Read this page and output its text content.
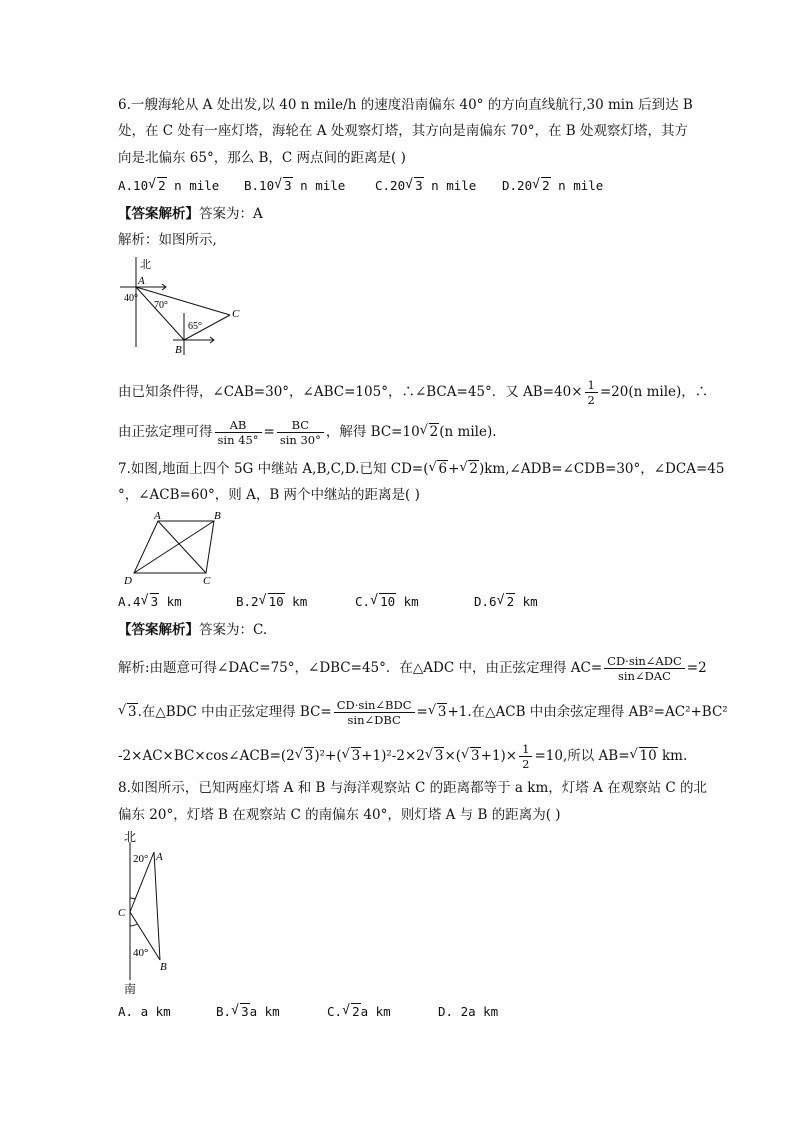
6.一艘海轮从 A 处出发,以 40 n mile/h 的速度沿南偏东 40° 的方向直线航行,30 min 后到达 B
处，在 C 处有一座灯塔，海轮在 A 处观察灯塔，其方向是南偏东 70°，在 B 处观察灯塔，其方
向是北偏东 65°，那么 B，C 两点间的距离是( )
A.10 √ 2 n mile B.10 √ 3 n mile C.20 √ 3 n mile D.20 √ 2 n mile
【答案解析】答案为：A
解析：如图所示,
北
A
40°
70°
65°
B
C
由已知条件得，∠CAB=30°，∠ABC=105°，∴∠BCA=45°．又 $AB=40\times \frac{1}{2} =20(n$ mile)，∴
由正弦定理可得 $\frac{AB}{\sin 45^\circ} = \frac{BC}{\sin 30^\circ}$ ，解得 BC=10 √ 2(n mile).
7.如图,地面上四个 5G 中继站 A,B,C,D.已知 CD=( √ 6+ √ 2)km,∠ADB=∠CDB=30°，∠DCA=45
°，∠ACB=60°，则 A，B 两个中继站的距离是( )
A	B
C
D
A.4 √ 3 km	B.2 √ 10 km	C. √ 10 km	D.6 √ 2 km
【答案解析】答案为：C.
解析:由题意可得∠DAC=75°，∠DBC=45°．在△ADC 中，由正弦定理得 $AC= \frac{\text{CD·sin∠ADC}}{\text{sin∠DAC}} =2$
√ 3.在△BDC 中由正弦定理得 $BC= \frac{\text{CD·sin∠BDC}}{\text{sin∠DBC}}$ = √ 3+1.在△ACB 中由余弦定理得 AB²=AC²+BC²
-2×AC×BC×cos∠ACB=(2 √ 3)²+( √ 3+1)²-2×2 √ 3×( √ $3+1)\times \frac{1}{2} =10$,所以 AB= √ 10 km.
8.如图所示，已知两座灯塔 A 和 B 与海洋观察站 C 的距离都等于 a km，灯塔 A 在观察站 C 的北
偏东 20°，灯塔 B 在观察站 C 的南偏东 40°，则灯塔 A 与 B 的距离为( )
北
南
20° A
C
40°
B
A. a km	B. √ 3a km	C. √ 2a km	D. 2a km
